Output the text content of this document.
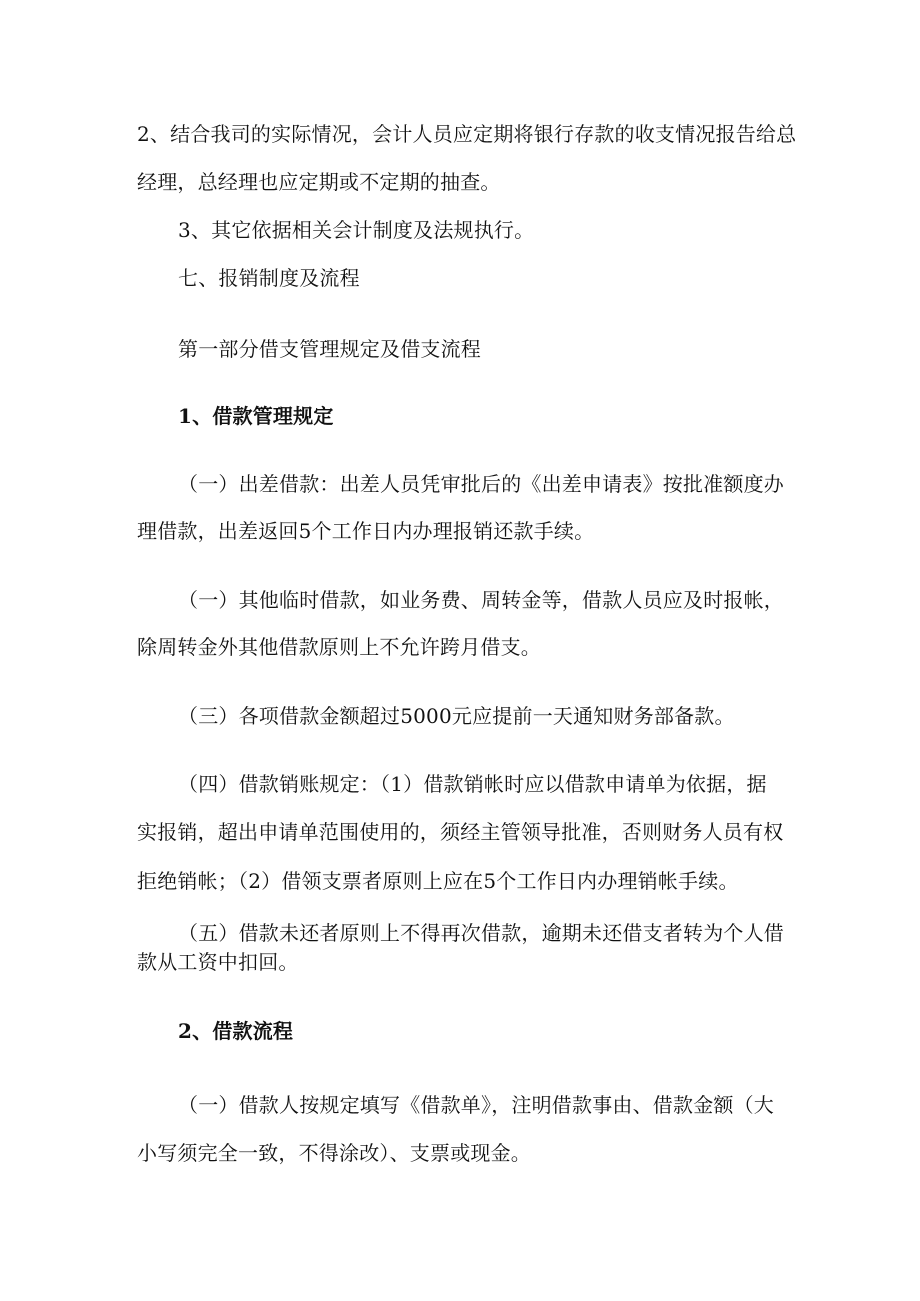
2、结合我司的实际情况，会计人员应定期将银行存款的收支情况报告给总
经理，总经理也应定期或不定期的抽查。
3、其它依据相关会计制度及法规执行。
七、报销制度及流程
第一部分借支管理规定及借支流程
1、借款管理规定
（一）出差借款：出差人员凭审批后的《出差申请表》按批准额度办
理借款，出差返回5个工作日内办理报销还款手续。
（一）其他临时借款，如业务费、周转金等，借款人员应及时报帐，
除周转金外其他借款原则上不允许跨月借支。
（三）各项借款金额超过5000元应提前一天通知财务部备款。
（四）借款销账规定：（1）借款销帐时应以借款申请单为依据，据
实报销，超出申请单范围使用的，须经主管领导批准，否则财务人员有权
拒绝销帐；（2）借领支票者原则上应在5个工作日内办理销帐手续。
（五）借款未还者原则上不得再次借款，逾期未还借支者转为个人借
款从工资中扣回。
2、借款流程
（一）借款人按规定填写《借款单》，注明借款事由、借款金额（大
小写须完全一致，不得涂改）、支票或现金。
